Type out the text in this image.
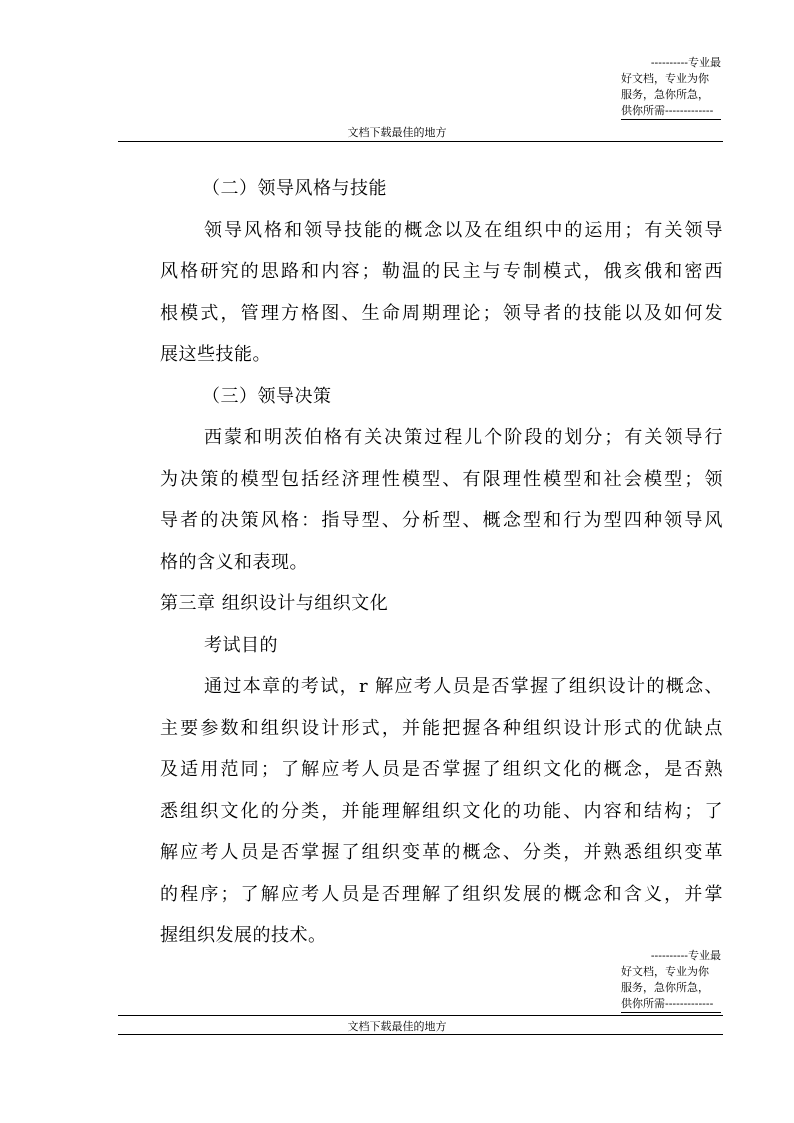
----------专业最
好文档，专业为你
服务，急你所急，
供你所需-------------
文档下载最佳的地方
（二）领导风格与技能
领导风格和领导技能的概念以及在组织中的运用；有关领导
风格研究的思路和内容；勒温的民主与专制模式，俄亥俄和密西
根模式，管理方格图、生命周期理论；领导者的技能以及如何发
展这些技能。
（三）领导决策
西蒙和明茨伯格有关决策过程儿个阶段的划分；有关领导行
为决策的模型包括经济理性模型、有限理性模型和社会模型；领
导者的决策风格：指导型、分析型、概念型和行为型四种领导风
格的含义和表现。
第三章 组织设计与组织文化
考试目的
通过本章的考试，r 解应考人员是否掌握了组织设计的概念、
主要参数和组织设计形式，并能把握各种组织设计形式的优缺点
及适用范同；了解应考人员是否掌握了组织文化的概念，是否熟
悉组织文化的分类，并能理解组织文化的功能、内容和结构；了
解应考人员是否掌握了组织变革的概念、分类，并熟悉组织变革
的程序；了解应考人员是否理解了组织发展的概念和含义，并掌
握组织发展的技术。
----------专业最
好文档，专业为你
服务，急你所急，
供你所需-------------
文档下载最佳的地方
